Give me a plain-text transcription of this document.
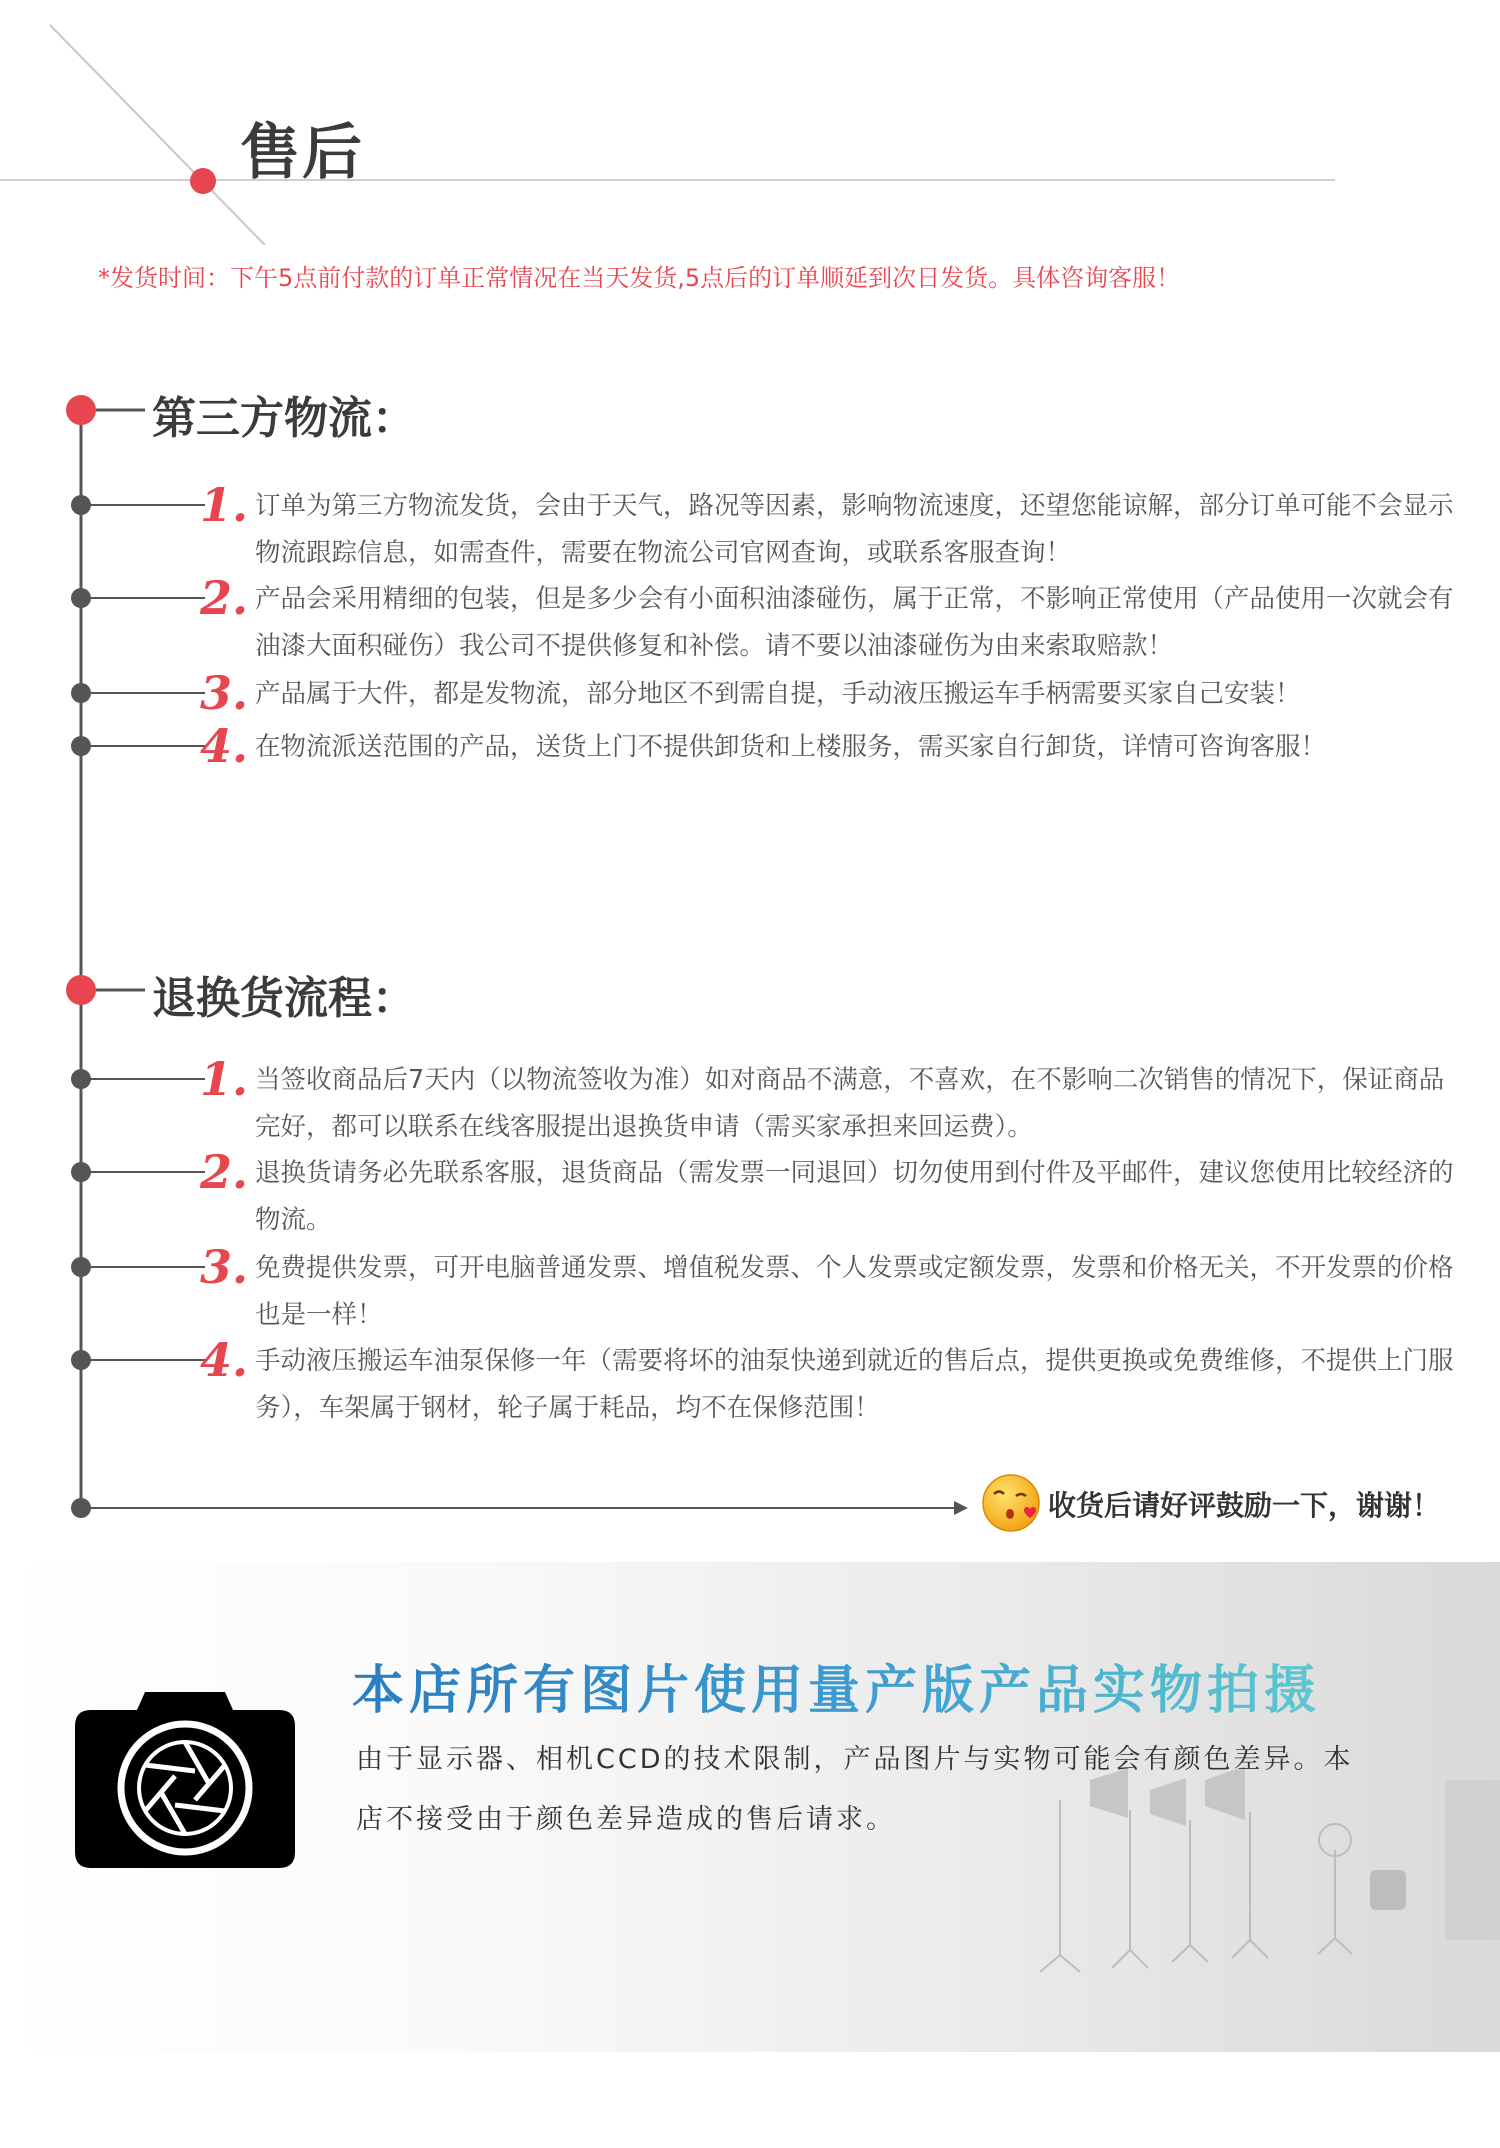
售后
*发货时间：下午5点前付款的订单正常情况在当天发货,5点后的订单顺延到次日发货。具体咨询客服！
第三方物流：
1. 订单为第三方物流发货，会由于天气，路况等因素，影响物流速度，还望您能谅解，部分订单可能不会显示物流跟踪信息，如需查件，需要在物流公司官网查询，或联系客服查询！
2. 产品会采用精细的包装，但是多少会有小面积油漆碰伤，属于正常，不影响正常使用（产品使用一次就会有油漆大面积碰伤）我公司不提供修复和补偿。请不要以油漆碰伤为由来索取赔款！
3. 产品属于大件，都是发物流，部分地区不到需自提，手动液压搬运车手柄需要买家自己安装！
4. 在物流派送范围的产品，送货上门不提供卸货和上楼服务，需买家自行卸货，详情可咨询客服！
退换货流程：
1. 当签收商品后7天内（以物流签收为准）如对商品不满意，不喜欢，在不影响二次销售的情况下，保证商品完好，都可以联系在线客服提出退换货申请（需买家承担来回运费）。
2. 退换货请务必先联系客服，退货商品（需发票一同退回）切勿使用到付件及平邮件，建议您使用比较经济的物流。
3. 免费提供发票，可开电脑普通发票、增值税发票、个人发票或定额发票，发票和价格无关，不开发票的价格也是一样！
4. 手动液压搬运车油泵保修一年（需要将坏的油泵快递到就近的售后点，提供更换或免费维修，不提供上门服务），车架属于钢材，轮子属于耗品，均不在保修范围！
收货后请好评鼓励一下，谢谢！
本店所有图片使用量产版产品实物拍摄
由于显示器、相机CCD的技术限制，产品图片与实物可能会有颜色差异。本店不接受由于颜色差异造成的售后请求。
